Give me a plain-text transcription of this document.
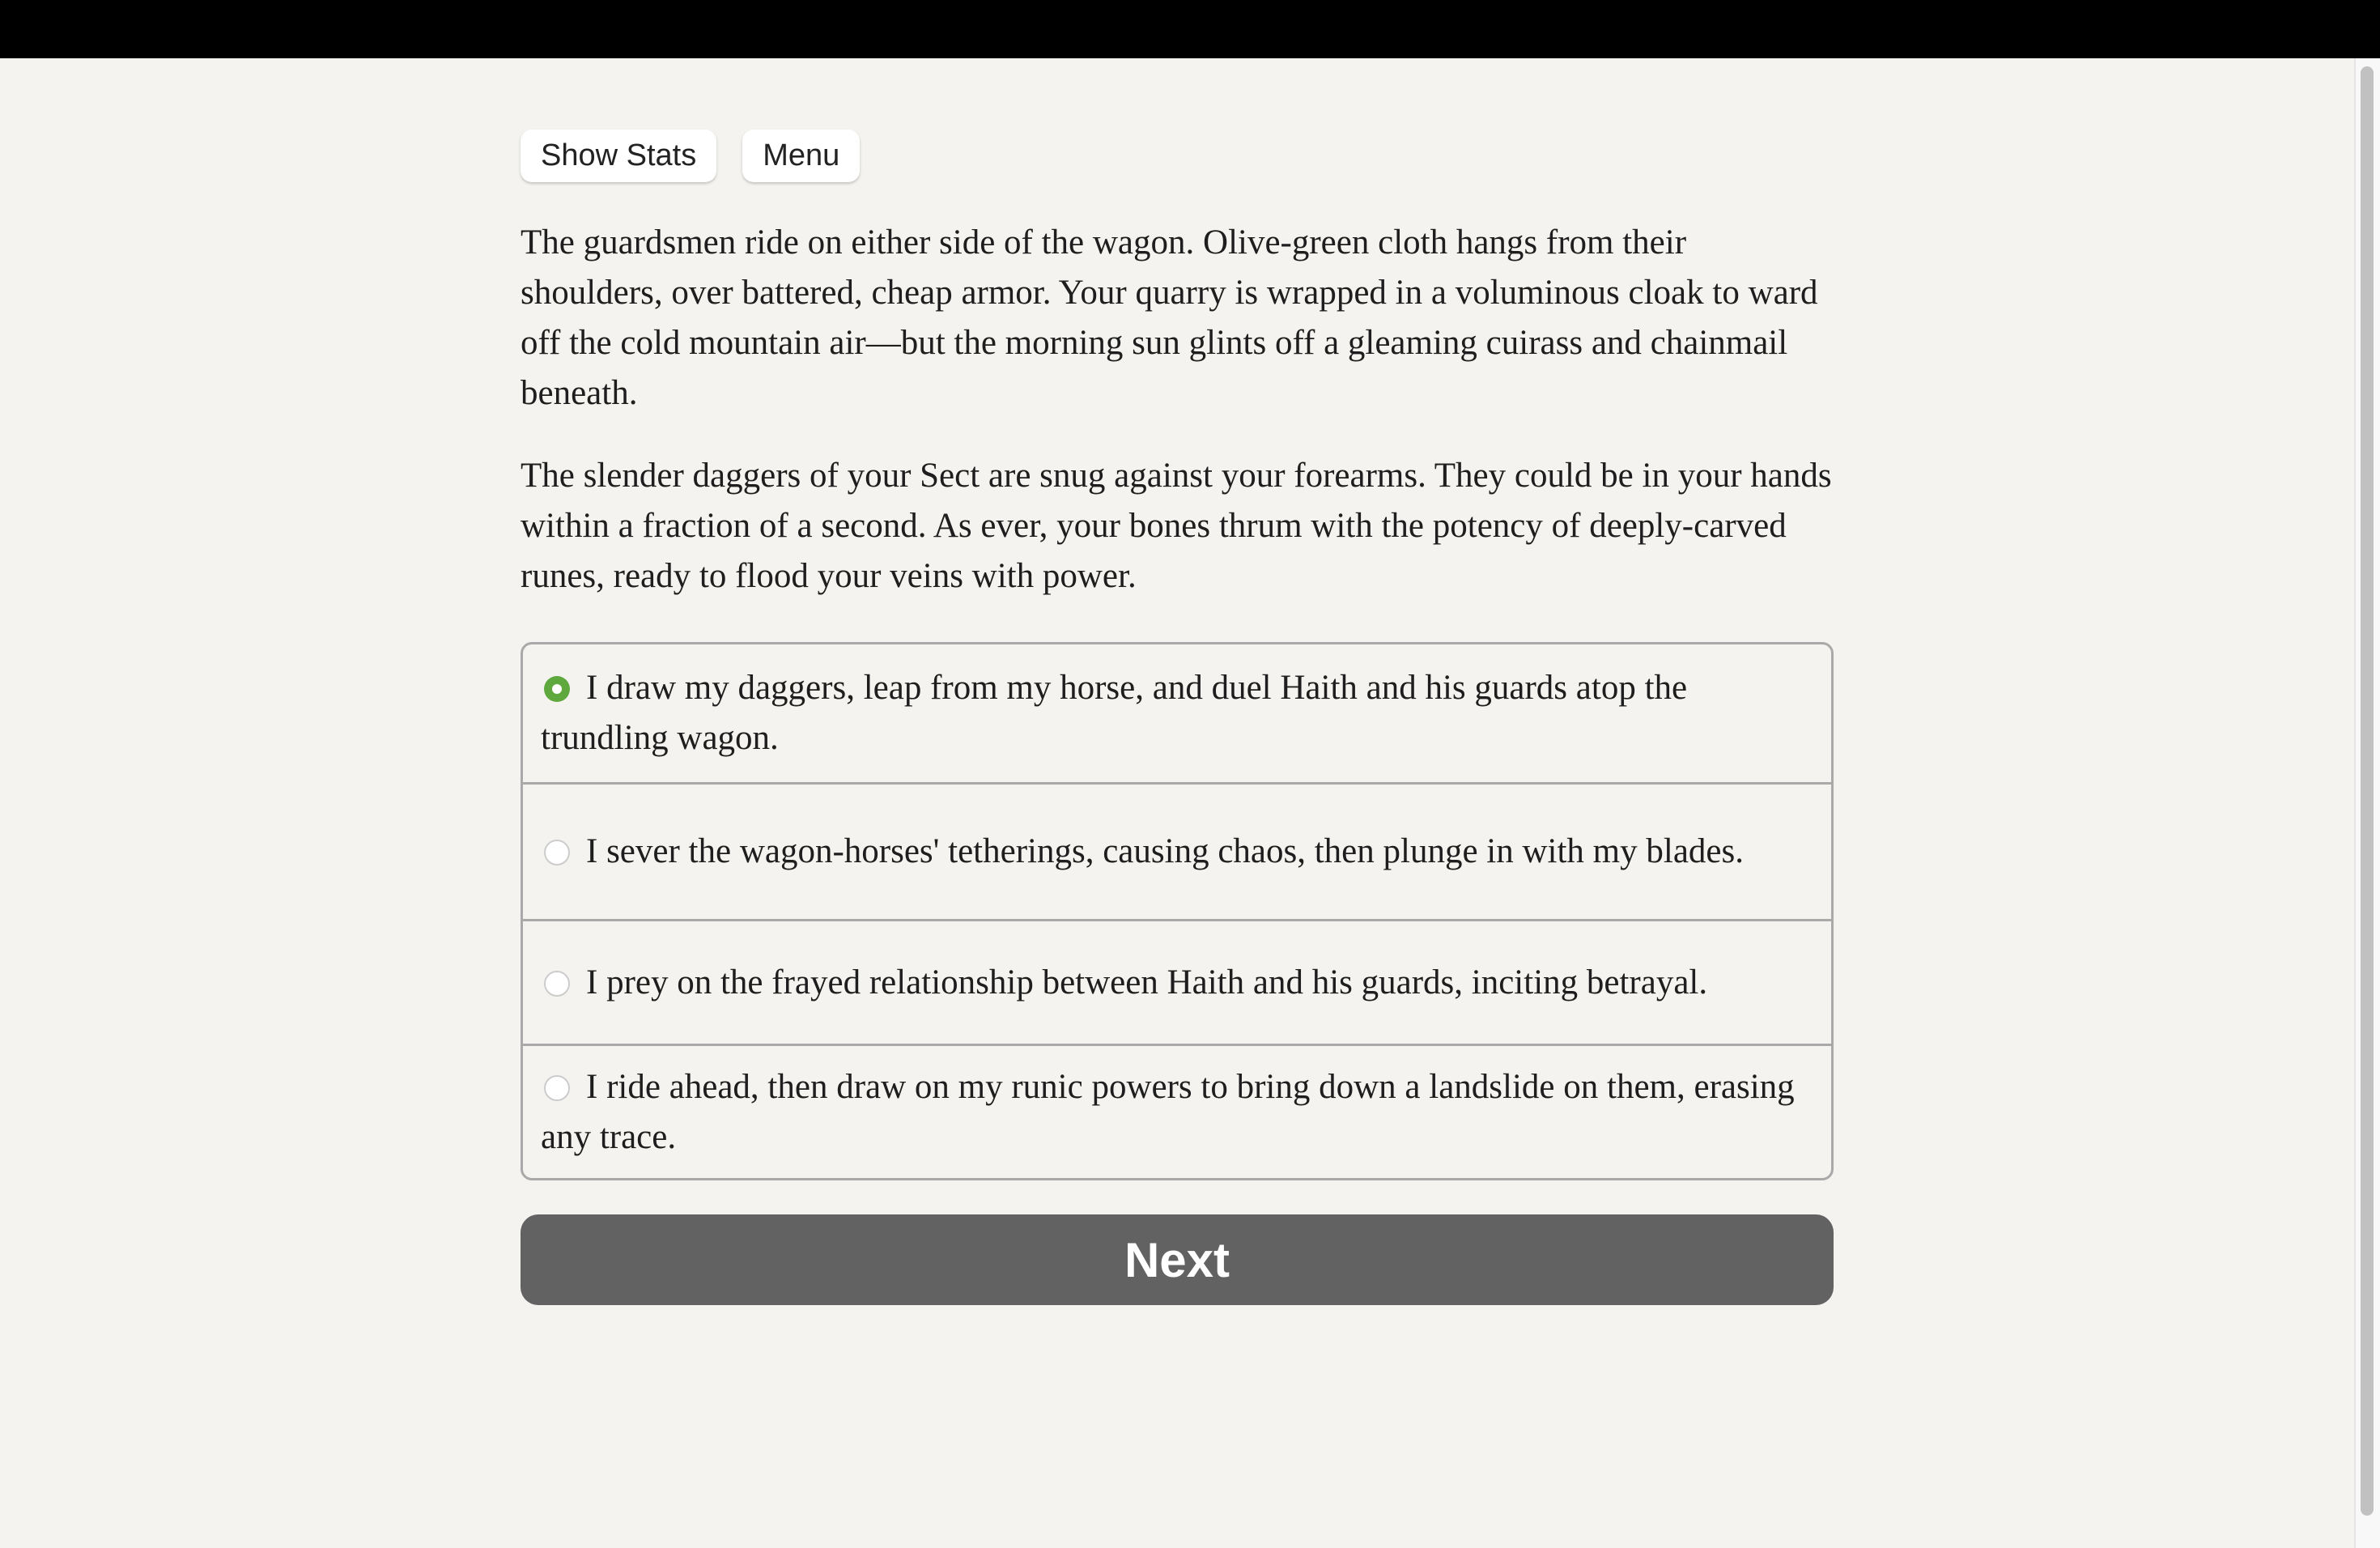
Show Stats	Menu

The guardsmen ride on either side of the wagon. Olive-green cloth hangs from their shoulders, over battered, cheap armor. Your quarry is wrapped in a voluminous cloak to ward off the cold mountain air—but the morning sun glints off a gleaming cuirass and chainmail beneath.

The slender daggers of your Sect are snug against your forearms. They could be in your hands within a fraction of a second. As ever, your bones thrum with the potency of deeply-carved runes, ready to flood your veins with power.

I draw my daggers, leap from my horse, and duel Haith and his guards atop the trundling wagon.
I sever the wagon-horses' tetherings, causing chaos, then plunge in with my blades.
I prey on the frayed relationship between Haith and his guards, inciting betrayal.
I ride ahead, then draw on my runic powers to bring down a landslide on them, erasing any trace.
Next
